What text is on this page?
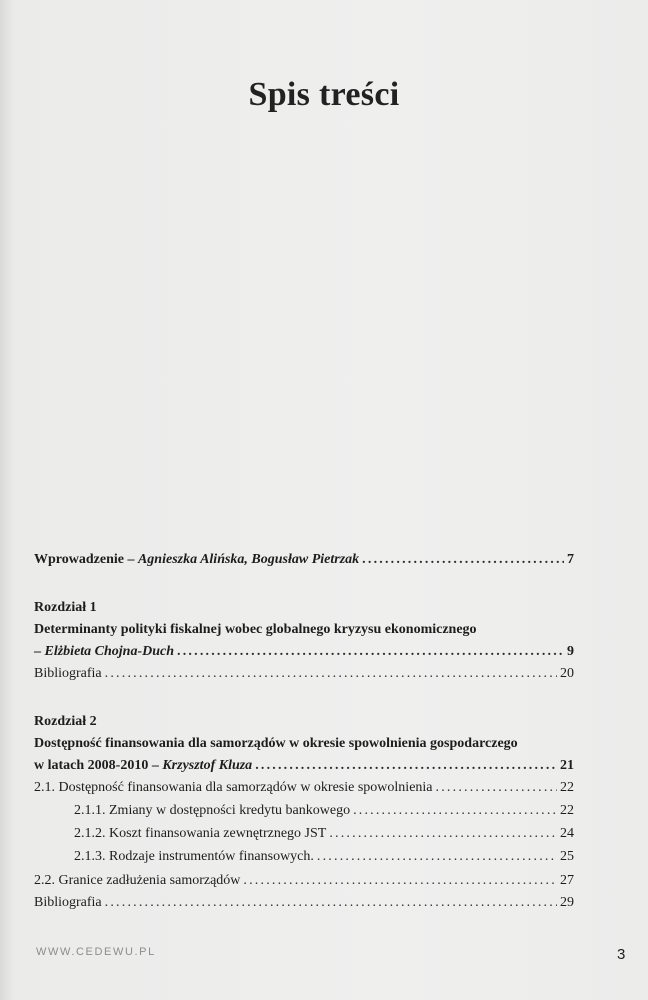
Spis treści
Wprowadzenie – Agnieszka Alińska, Bogusław Pietrzak .....	7
Rozdział 1
Determinanty polityki fiskalnej wobec globalnego kryzysu ekonomicznego
– Elżbieta Chojna-Duch .....	9
Bibliografia .....	20
Rozdział 2
Dostępność finansowania dla samorządów w okresie spowolnienia gospodarczego
w latach 2008-2010 – Krzysztof Kluza .....	21
2.1. Dostępność finansowania dla samorządów w okresie spowolnienia .....	22
2.1.1. Zmiany w dostępności kredytu bankowego .....	22
2.1.2. Koszt finansowania zewnętrznego JST .....	24
2.1.3. Rodzaje instrumentów finansowych. .....	25
2.2. Granice zadłużenia samorządów .....	27
Bibliografia .....	29
WWW.CEDEWU.PL	3
